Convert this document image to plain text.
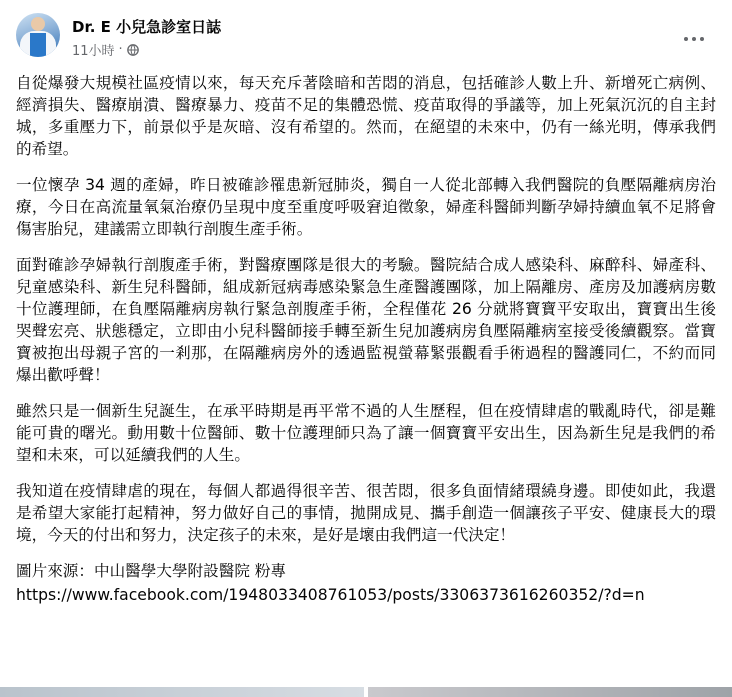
Dr. E 小兒急診室日誌
11小時 ·

自從爆發大規模社區疫情以來，每天充斥著陰暗和苦悶的消息，包括確診人數上升、新增死亡病例、經濟損失、醫療崩潰、醫療暴力、疫苗不足的集體恐慌、疫苗取得的爭議等，加上死氣沉沉的自主封城，多重壓力下，前景似乎是灰暗、沒有希望的。然而，在絕望的未來中，仍有一絲光明，傳承我們的希望。

一位懷孕 34 週的產婦，昨日被確診罹患新冠肺炎，獨自一人從北部轉入我們醫院的負壓隔離病房治療，今日在高流量氧氣治療仍呈現中度至重度呼吸窘迫徵象，婦產科醫師判斷孕婦持續血氧不足將會傷害胎兒，建議需立即執行剖腹生產手術。

面對確診孕婦執行剖腹產手術，對醫療團隊是很大的考驗。醫院結合成人感染科、麻醉科、婦產科、兒童感染科、新生兒科醫師，組成新冠病毒感染緊急生產醫護團隊，加上隔離房、產房及加護病房數十位護理師，在負壓隔離病房執行緊急剖腹產手術，全程僅花 26 分就將寶寶平安取出，寶寶出生後哭聲宏亮、狀態穩定，立即由小兒科醫師接手轉至新生兒加護病房負壓隔離病室接受後續觀察。當寶寶被抱出母親子宮的一剎那，在隔離病房外的透過監視螢幕緊張觀看手術過程的醫護同仁，不約而同爆出歡呼聲！

雖然只是一個新生兒誕生，在承平時期是再平常不過的人生歷程，但在疫情肆虐的戰亂時代，卻是難能可貴的曙光。動用數十位醫師、數十位護理師只為了讓一個寶寶平安出生，因為新生兒是我們的希望和未來，可以延續我們的人生。

我知道在疫情肆虐的現在，每個人都過得很辛苦、很苦悶，很多負面情緒環繞身邊。即使如此，我還是希望大家能打起精神，努力做好自己的事情，拋開成見、攜手創造一個讓孩子平安、健康長大的環境，今天的付出和努力，決定孩子的未來，是好是壞由我們這一代決定！

圖片來源：中山醫學大學附設醫院 粉專

https://www.facebook.com/1948033408761053/posts/3306373616260352/?d=n
